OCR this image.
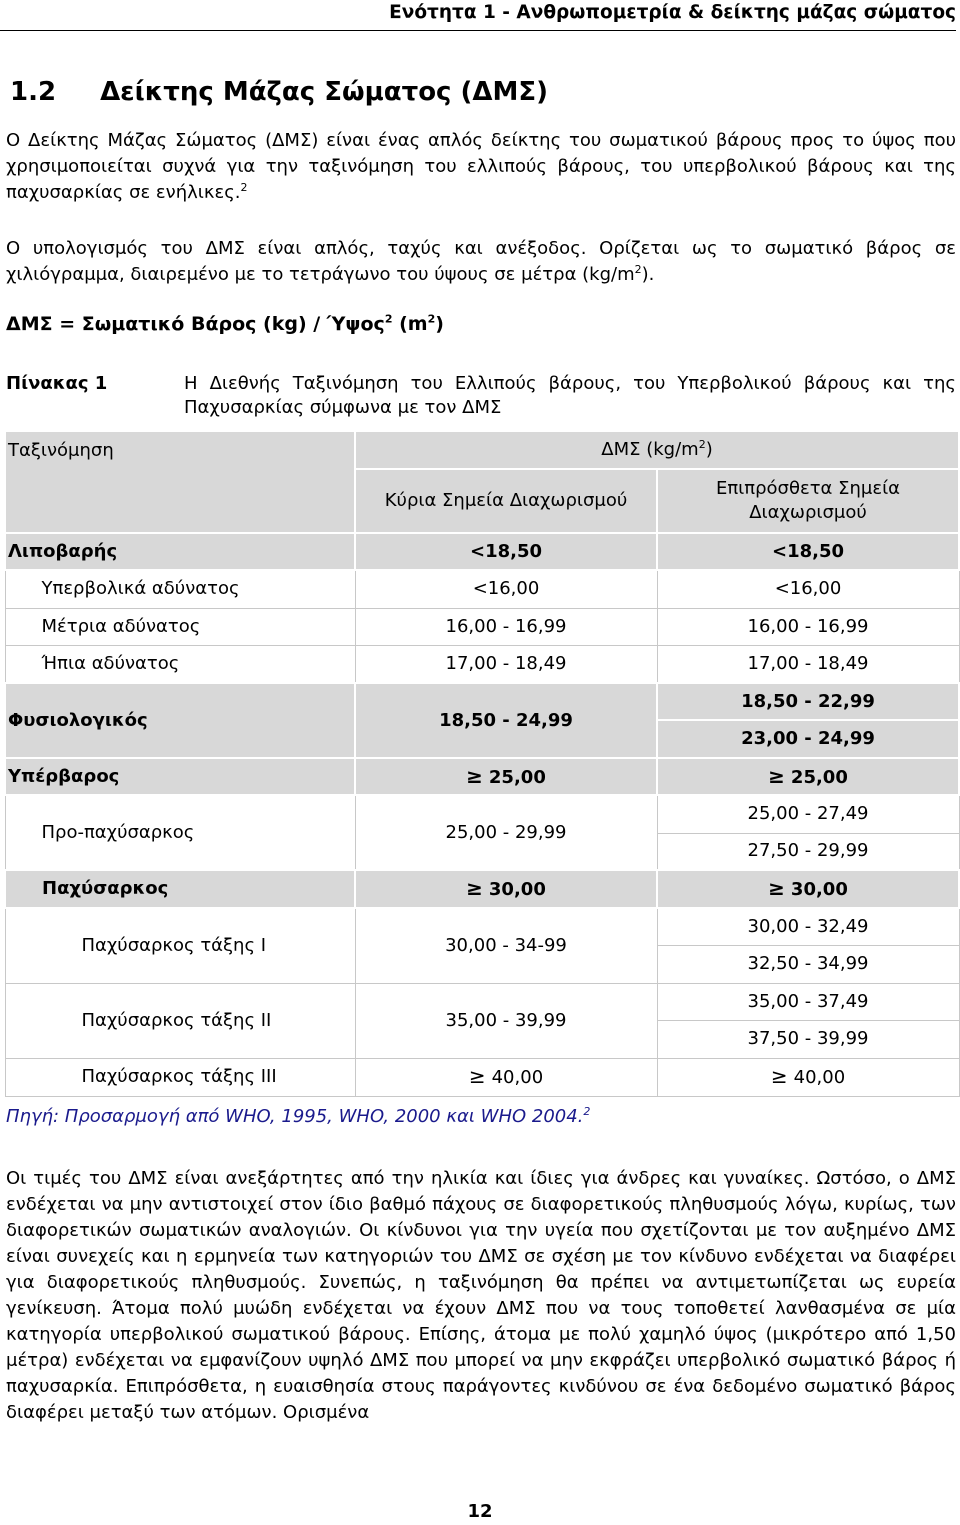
Ενότητα 1 - Ανθρωπομετρία & δείκτης μάζας σώματος
1.2 Δείκτης Μάζας Σώματος (ΔΜΣ)

Ο Δείκτης Μάζας Σώματος (ΔΜΣ) είναι ένας απλός δείκτης του σωματικού βάρους προς το ύψος που χρησιμοποιείται συχνά για την ταξινόμηση του ελλιπούς βάρους, του υπερβολικού βάρους και της παχυσαρκίας σε ενήλικες.$^2$

Ο υπολογισμός του ΔΜΣ είναι απλός, ταχύς και ανέξοδος. Ορίζεται ως το σωματικό βάρος σε χιλιόγραμμα, διαιρεμένο με το τετράγωνο του ύψους σε μέτρα $(kg/m^2)$.

ΔΜΣ = Σωματικό Βάρος (kg) / Ύψος$^2$ $(m^2)$
Πίνακας 1	Η Διεθνής Ταξινόμηση του Ελλιπούς βάρους, του Υπερβολικού βάρους και της Παχυσαρκίας σύμφωνα με τον ΔΜΣ
Ταξινόμηση	ΔΜΣ $(kg/m^2)$	
	Κύρια Σημεία Διαχωρισμού	Επιπρόσθετα Σημεία Διαχωρισμού
Λιποβαρής	<18,50	<18,50
Υπερβολικά αδύνατος	<16,00	<16,00
Μέτρια αδύνατος	16,00 - 16,99	16,00 - 16,99
Ήπια αδύνατος	17,00 - 18,49	17,00 - 18,49
Φυσιολογικός	18,50 - 24,99	18,50 - 22,99
		23,00 - 24,99
Υπέρβαρος	≥ 25,00	≥ 25,00
Προ-παχύσαρκος	25,00 - 29,99	25,00 - 27,49
		27,50 - 29,99
Παχύσαρκος	≥ 30,00	≥ 30,00
Παχύσαρκος τάξης Ι	30,00 - 34-99	30,00 - 32,49
		32,50 - 34,99
Παχύσαρκος τάξης ΙΙ	35,00 - 39,99	35,00 - 37,49
		37,50 - 39,99
Παχύσαρκος τάξης ΙΙΙ	≥ 40,00	≥ 40,00
Πηγή: Προσαρμογή από WHO, 1995, WHO, 2000 και WHO 2004.$^2$

Οι τιμές του ΔΜΣ είναι ανεξάρτητες από την ηλικία και ίδιες για άνδρες και γυναίκες. Ωστόσο, ο ΔΜΣ ενδέχεται να μην αντιστοιχεί στον ίδιο βαθμό πάχους σε διαφορετικούς πληθυσμούς λόγω, κυρίως, των διαφορετικών σωματικών αναλογιών. Οι κίνδυνοι για την υγεία που σχετίζονται με τον αυξημένο ΔΜΣ είναι συνεχείς και η ερμηνεία των κατηγοριών του ΔΜΣ σε σχέση με τον κίνδυνο ενδέχεται να διαφέρει για διαφορετικούς πληθυσμούς. Συνεπώς, η ταξινόμηση θα πρέπει να αντιμετωπίζεται ως ευρεία γενίκευση. Άτομα πολύ μυώδη ενδέχεται να έχουν ΔΜΣ που να τους τοποθετεί λανθασμένα σε μία κατηγορία υπερβολικού σωματικού βάρους. Επίσης, άτομα με πολύ χαμηλό ύψος (μικρότερο από 1,50 μέτρα) ενδέχεται να εμφανίζουν υψηλό ΔΜΣ που μπορεί να μην εκφράζει υπερβολικό σωματικό βάρος ή παχυσαρκία. Επιπρόσθετα, η ευαισθησία στους παράγοντες κινδύνου σε ένα δεδομένο σωματικό βάρος διαφέρει μεταξύ των ατόμων. Ορισμένα

12
